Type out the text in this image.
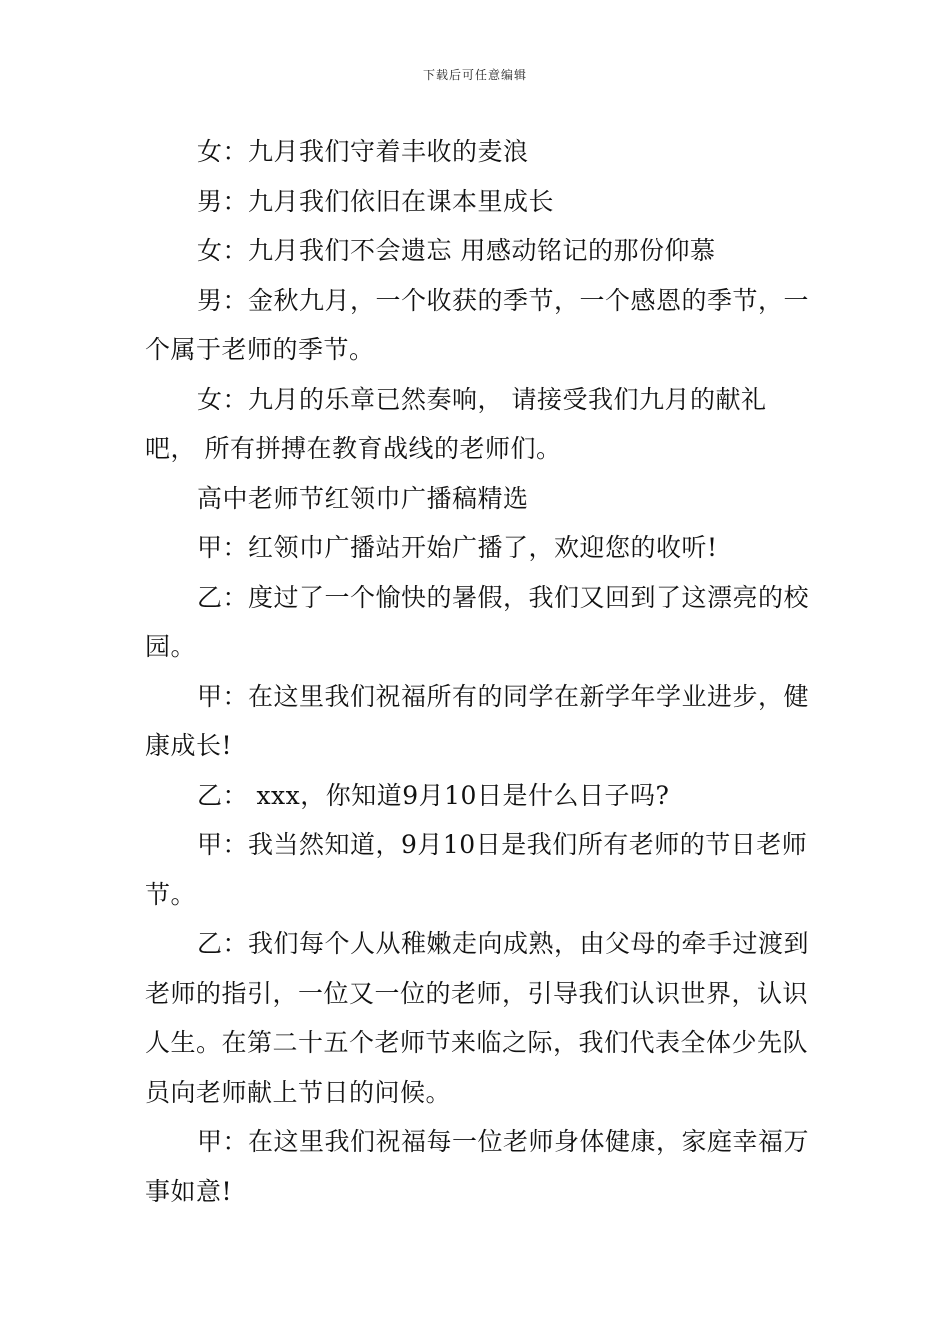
下载后可任意编辑

女：九月我们守着丰收的麦浪

男：九月我们依旧在课本里成长

女：九月我们不会遗忘 用感动铭记的那份仰慕

男：金秋九月，一个收获的季节，一个感恩的季节，一个属于老师的季节。

女：九月的乐章已然奏响， 请接受我们九月的献礼吧， 所有拼搏在教育战线的老师们。

高中老师节红领巾广播稿精选

甲：红领巾广播站开始广播了，欢迎您的收听!

乙：度过了一个愉快的暑假，我们又回到了这漂亮的校园。

甲：在这里我们祝福所有的同学在新学年学业进步，健康成长!

乙： xxx，你知道9月10日是什么日子吗?

甲：我当然知道，9月10日是我们所有老师的节日老师节。

乙：我们每个人从稚嫩走向成熟，由父母的牵手过渡到老师的指引，一位又一位的老师，引导我们认识世界，认识人生。在第二十五个老师节来临之际，我们代表全体少先队员向老师献上节日的问候。

甲：在这里我们祝福每一位老师身体健康，家庭幸福万事如意!
